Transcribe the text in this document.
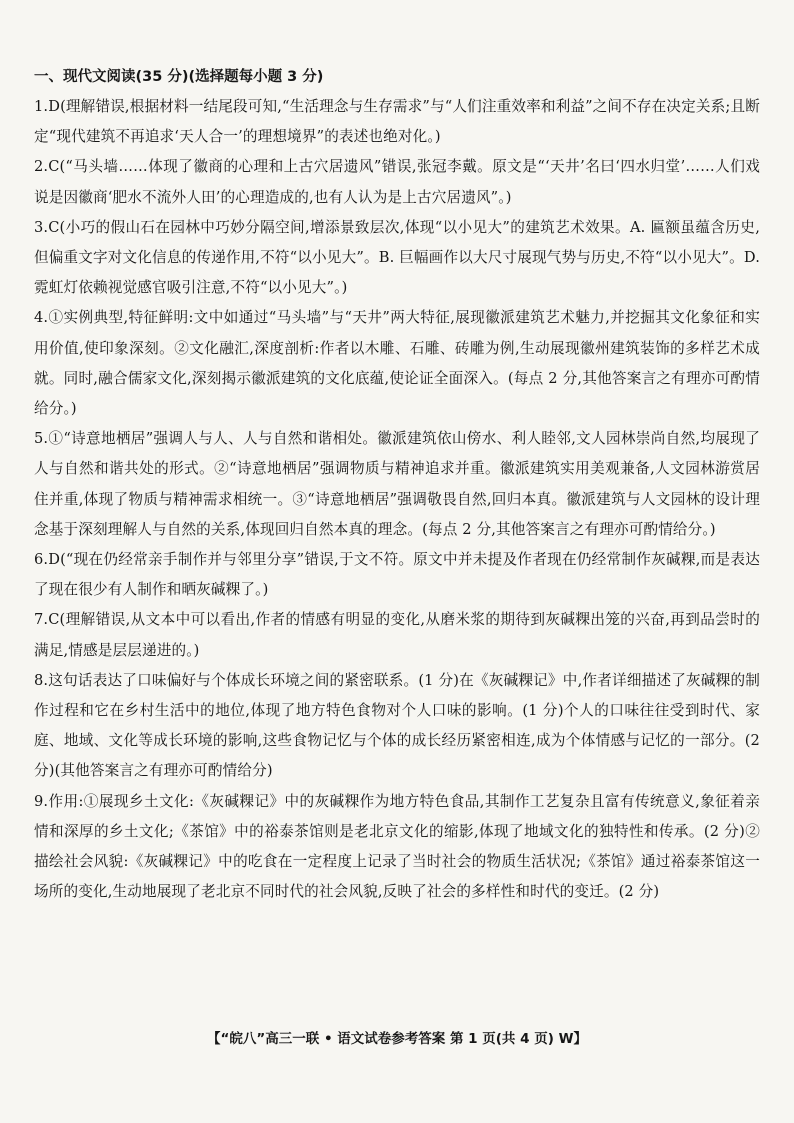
一、现代文阅读(35 分)(选择题每小题 3 分)

1.D(理解错误,根据材料一结尾段可知,“生活理念与生存需求”与“人们注重效率和利益”之间不存在决定关系;且断定“现代建筑不再追求‘天人合一’的理想境界”的表述也绝对化。)

2.C(“马头墙……体现了徽商的心理和上古穴居遗风”错误,张冠李戴。原文是“‘天井’名曰‘四水归堂’……人们戏说是因徽商‘肥水不流外人田’的心理造成的,也有人认为是上古穴居遗风”。)

3.C(小巧的假山石在园林中巧妙分隔空间,增添景致层次,体现“以小见大”的建筑艺术效果。A. 匾额虽蕴含历史,但偏重文字对文化信息的传递作用,不符“以小见大”。B. 巨幅画作以大尺寸展现气势与历史,不符“以小见大”。D. 霓虹灯依赖视觉感官吸引注意,不符“以小见大”。)

4.①实例典型,特征鲜明:文中如通过“马头墙”与“天井”两大特征,展现徽派建筑艺术魅力,并挖掘其文化象征和实用价值,使印象深刻。②文化融汇,深度剖析:作者以木雕、石雕、砖雕为例,生动展现徽州建筑装饰的多样艺术成就。同时,融合儒家文化,深刻揭示徽派建筑的文化底蕴,使论证全面深入。(每点 2 分,其他答案言之有理亦可酌情给分。)

5.①“诗意地栖居”强调人与人、人与自然和谐相处。徽派建筑依山傍水、利人睦邻,文人园林崇尚自然,均展现了人与自然和谐共处的形式。②“诗意地栖居”强调物质与精神追求并重。徽派建筑实用美观兼备,人文园林游赏居住并重,体现了物质与精神需求相统一。③“诗意地栖居”强调敬畏自然,回归本真。徽派建筑与人文园林的设计理念基于深刻理解人与自然的关系,体现回归自然本真的理念。(每点 2 分,其他答案言之有理亦可酌情给分。)

6.D(“现在仍经常亲手制作并与邻里分享”错误,于文不符。原文中并未提及作者现在仍经常制作灰碱粿,而是表达了现在很少有人制作和晒灰碱粿了。)

7.C(理解错误,从文本中可以看出,作者的情感有明显的变化,从磨米浆的期待到灰碱粿出笼的兴奋,再到品尝时的满足,情感是层层递进的。)

8.这句话表达了口味偏好与个体成长环境之间的紧密联系。(1 分)在《灰碱粿记》中,作者详细描述了灰碱粿的制作过程和它在乡村生活中的地位,体现了地方特色食物对个人口味的影响。(1 分)个人的口味往往受到时代、家庭、地域、文化等成长环境的影响,这些食物记忆与个体的成长经历紧密相连,成为个体情感与记忆的一部分。(2 分)(其他答案言之有理亦可酌情给分)

9.作用:①展现乡土文化:《灰碱粿记》中的灰碱粿作为地方特色食品,其制作工艺复杂且富有传统意义,象征着亲情和深厚的乡土文化;《茶馆》中的裕泰茶馆则是老北京文化的缩影,体现了地域文化的独特性和传承。(2 分)②描绘社会风貌:《灰碱粿记》中的吃食在一定程度上记录了当时社会的物质生活状况;《茶馆》通过裕泰茶馆这一场所的变化,生动地展现了老北京不同时代的社会风貌,反映了社会的多样性和时代的变迁。(2 分)

【“皖八”高三一联 • 语文试卷参考答案 第 1 页(共 4 页) W】
